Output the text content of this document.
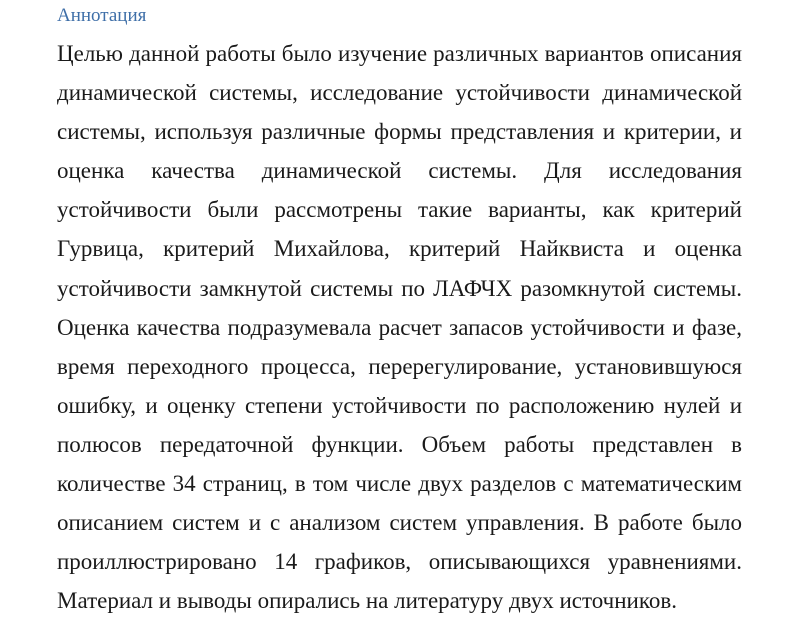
Аннотация
Целью данной работы было изучение различных вариантов описания
динамической системы, исследование устойчивости динамической
системы, используя различные формы представления и критерии, и
оценка качества динамической системы. Для исследования
устойчивости были рассмотрены такие варианты, как критерий
Гурвица, критерий Михайлова, критерий Найквиста и оценка
устойчивости замкнутой системы по ЛАФЧХ разомкнутой системы.
Оценка качества подразумевала расчет запасов устойчивости и фазе,
время переходного процесса, перерегулирование, установившуюся
ошибку, и оценку степени устойчивости по расположению нулей и
полюсов передаточной функции. Объем работы представлен в
количестве 34 страниц, в том числе двух разделов с математическим
описанием систем и с анализом систем управления. В работе было
проиллюстрировано 14 графиков, описывающихся уравнениями.
Материал и выводы опирались на литературу двух источников.
